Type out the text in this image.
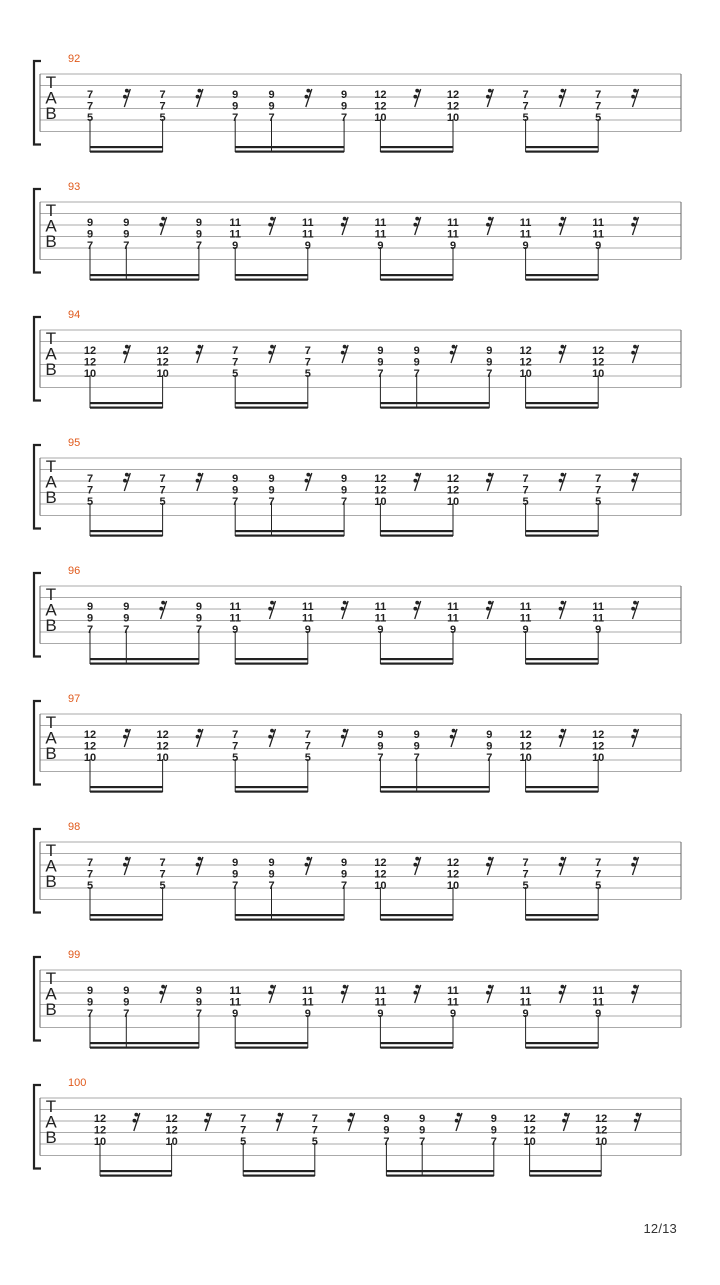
T
A
B
92
7
7
5
7
7
5
9
9
7
9
9
7
9
9
7
12
12
10
12
12
10
7
7
5
7
7
5
T
A
B
93
9
9
7
9
9
7
9
9
7
11
11
9
11
11
9
11
11
9
11
11
9
11
11
9
11
11
9
T
A
B
94
12
12
10
12
12
10
7
7
5
7
7
5
9
9
7
9
9
7
9
9
7
12
12
10
12
12
10
T
A
B
95
7
7
5
7
7
5
9
9
7
9
9
7
9
9
7
12
12
10
12
12
10
7
7
5
7
7
5
T
A
B
96
9
9
7
9
9
7
9
9
7
11
11
9
11
11
9
11
11
9
11
11
9
11
11
9
11
11
9
T
A
B
97
12
12
10
12
12
10
7
7
5
7
7
5
9
9
7
9
9
7
9
9
7
12
12
10
12
12
10
T
A
B
98
7
7
5
7
7
5
9
9
7
9
9
7
9
9
7
12
12
10
12
12
10
7
7
5
7
7
5
T
A
B
99
9
9
7
9
9
7
9
9
7
11
11
9
11
11
9
11
11
9
11
11
9
11
11
9
11
11
9
T
A
B
100
12
12
10
12
12
10
7
7
5
7
7
5
9
9
7
9
9
7
9
9
7
12
12
10
12
12
10
12/13
